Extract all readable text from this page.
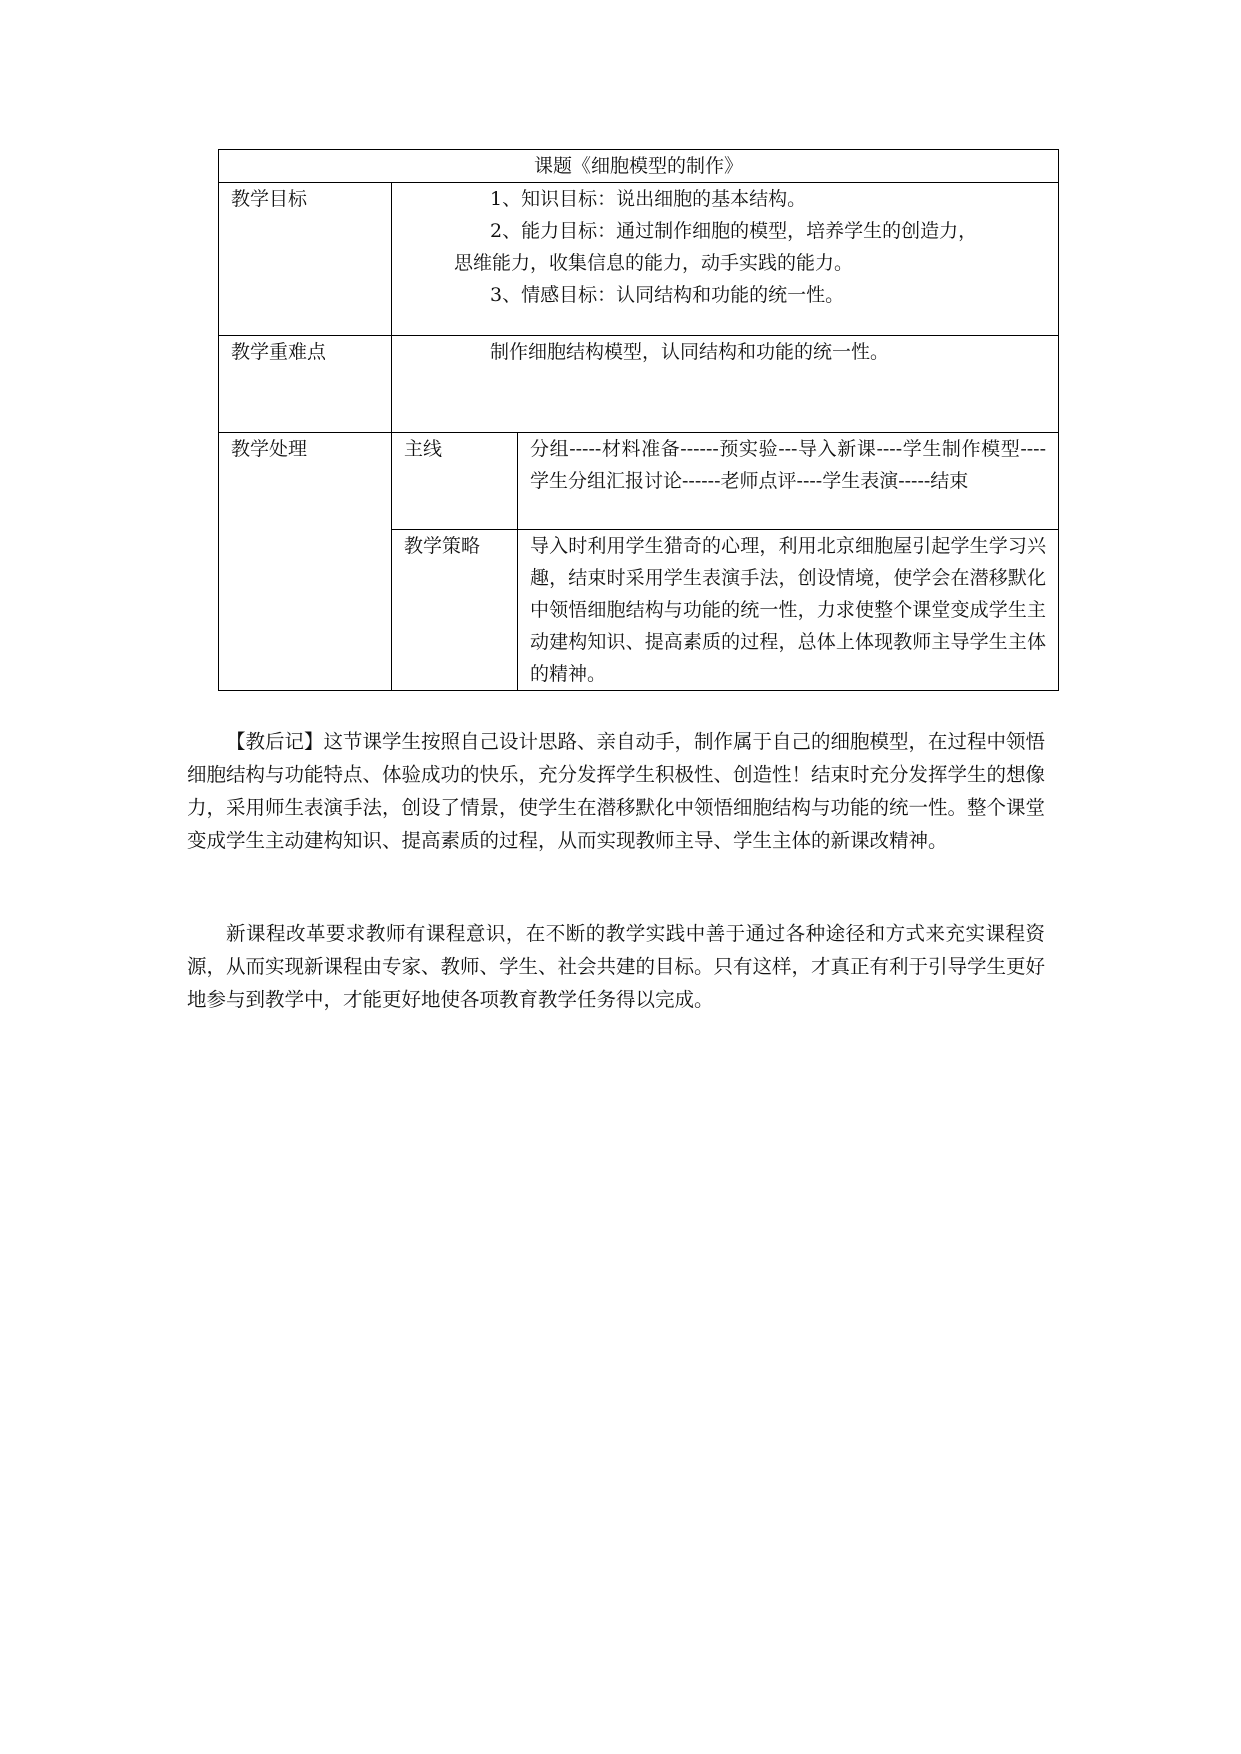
课题《细胞模型的制作》		
教学目标	1、知识目标：说出细胞的基本结构。
2、能力目标：通过制作细胞的模型，培养学生的创造力，
思维能力，收集信息的能力，动手实践的能力。
3、情感目标：认同结构和功能的统一性。	

教学重难点	制作细胞结构模型，认同结构和功能的统一性。	

教学处理	主线	分组-----材料准备------预实验---导入新课----学生制作模型----学生分组汇报讨论------老师点评----学生表演-----结束
	教学策略	导入时利用学生猎奇的心理，利用北京细胞屋引起学生学习兴趣，结束时采用学生表演手法，创设情境，使学会在潜移默化中领悟细胞结构与功能的统一性，力求使整个课堂变成学生主动建构知识、提高素质的过程，总体上体现教师主导学生主体的精神。

【教后记】这节课学生按照自己设计思路、亲自动手，制作属于自己的细胞模型，在过程中领悟细胞结构与功能特点、体验成功的快乐，充分发挥学生积极性、创造性！结束时充分发挥学生的想像力，采用师生表演手法，创设了情景，使学生在潜移默化中领悟细胞结构与功能的统一性。整个课堂变成学生主动建构知识、提高素质的过程，从而实现教师主导、学生主体的新课改精神。

新课程改革要求教师有课程意识，在不断的教学实践中善于通过各种途径和方式来充实课程资源，从而实现新课程由专家、教师、学生、社会共建的目标。只有这样，才真正有利于引导学生更好地参与到教学中，才能更好地使各项教育教学任务得以完成。
